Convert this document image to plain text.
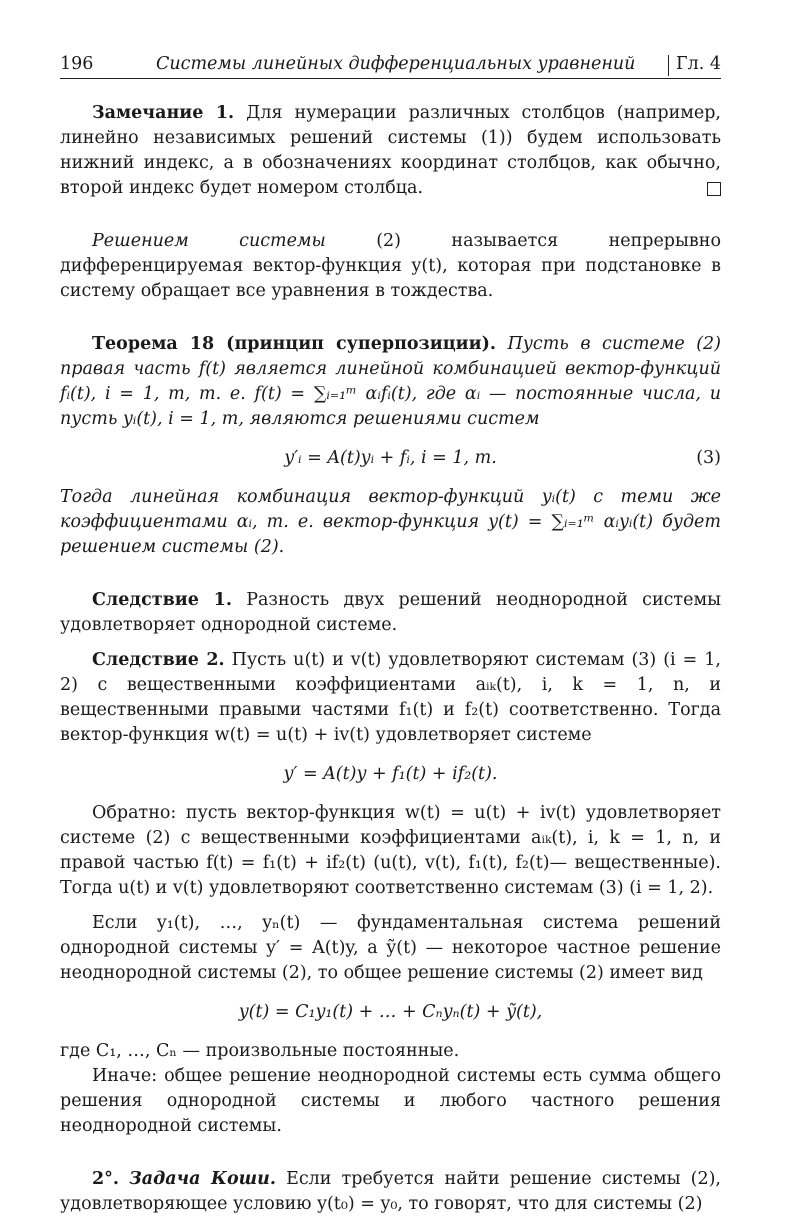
196	Системы линейных дифференциальных уравнений Гл. 4

Замечание 1. Для нумерации различных столбцов (например, линейно независимых решений системы (1)) будем использовать нижний индекс, а в обозначениях координат столбцов, как обычно, второй индекс будет номером столбца.

Решением системы	(2) называется непрерывно дифференцируемая вектор-функция y(t), которая при подстановке в систему обращает все уравнения в тождества.

Теорема 18 (принцип суперпозиции). Пусть в системе (2) правая часть f(t) является линейной комбинацией вектор-функций fᵢ(t), i = 1, m, т. е. f(t) = ∑ᵢ₌₁ᵐ αᵢfᵢ(t), где αᵢ — постоянные числа, и пусть yᵢ(t), i = 1, m, являются решениями систем

y′ᵢ = A(t)yᵢ + fᵢ, i = 1, m.	(3)

Тогда линейная комбинация вектор-функций yᵢ(t) с теми же коэффициентами αᵢ, т. е. вектор-функция y(t) = ∑ᵢ₌₁ᵐ αᵢyᵢ(t) будет решением системы (2).

Следствие 1. Разность двух решений неоднородной системы удовлетворяет однородной системе.

Следствие 2. Пусть u(t) и v(t) удовлетворяют системам (3) (i = 1, 2) с вещественными коэффициентами aᵢₖ(t), i, k = 1, n, и вещественными правыми частями f₁(t) и f₂(t) соответственно. Тогда вектор-функция w(t) = u(t) + iv(t) удовлетворяет системе

y′ = A(t)y + f₁(t) + if₂(t).

Обратно: пусть вектор-функция w(t) = u(t) + iv(t) удовлетворяет системе (2) с вещественными коэффициентами aᵢₖ(t), i, k = 1, n, и правой частью f(t) = f₁(t) + if₂(t) (u(t), v(t), f₁(t), f₂(t)— вещественные). Тогда u(t) и v(t) удовлетворяют соответственно системам (3) (i = 1, 2).

Если y₁(t), …, yₙ(t) — фундаментальная система решений однородной системы y′ = A(t)y, а ỹ(t) — некоторое частное решение неоднородной системы (2), то общее решение системы (2) имеет вид

y(t) = C₁y₁(t) + … + Cₙyₙ(t) + ỹ(t),

где C₁, …, Cₙ — произвольные постоянные.

Иначе: общее решение неоднородной системы есть сумма общего решения однородной системы и любого частного решения неоднородной системы.

2°. Задача Коши. Если требуется найти решение системы (2), удовлетворяющее условию y(t₀) = y₀, то говорят, что для системы (2)
